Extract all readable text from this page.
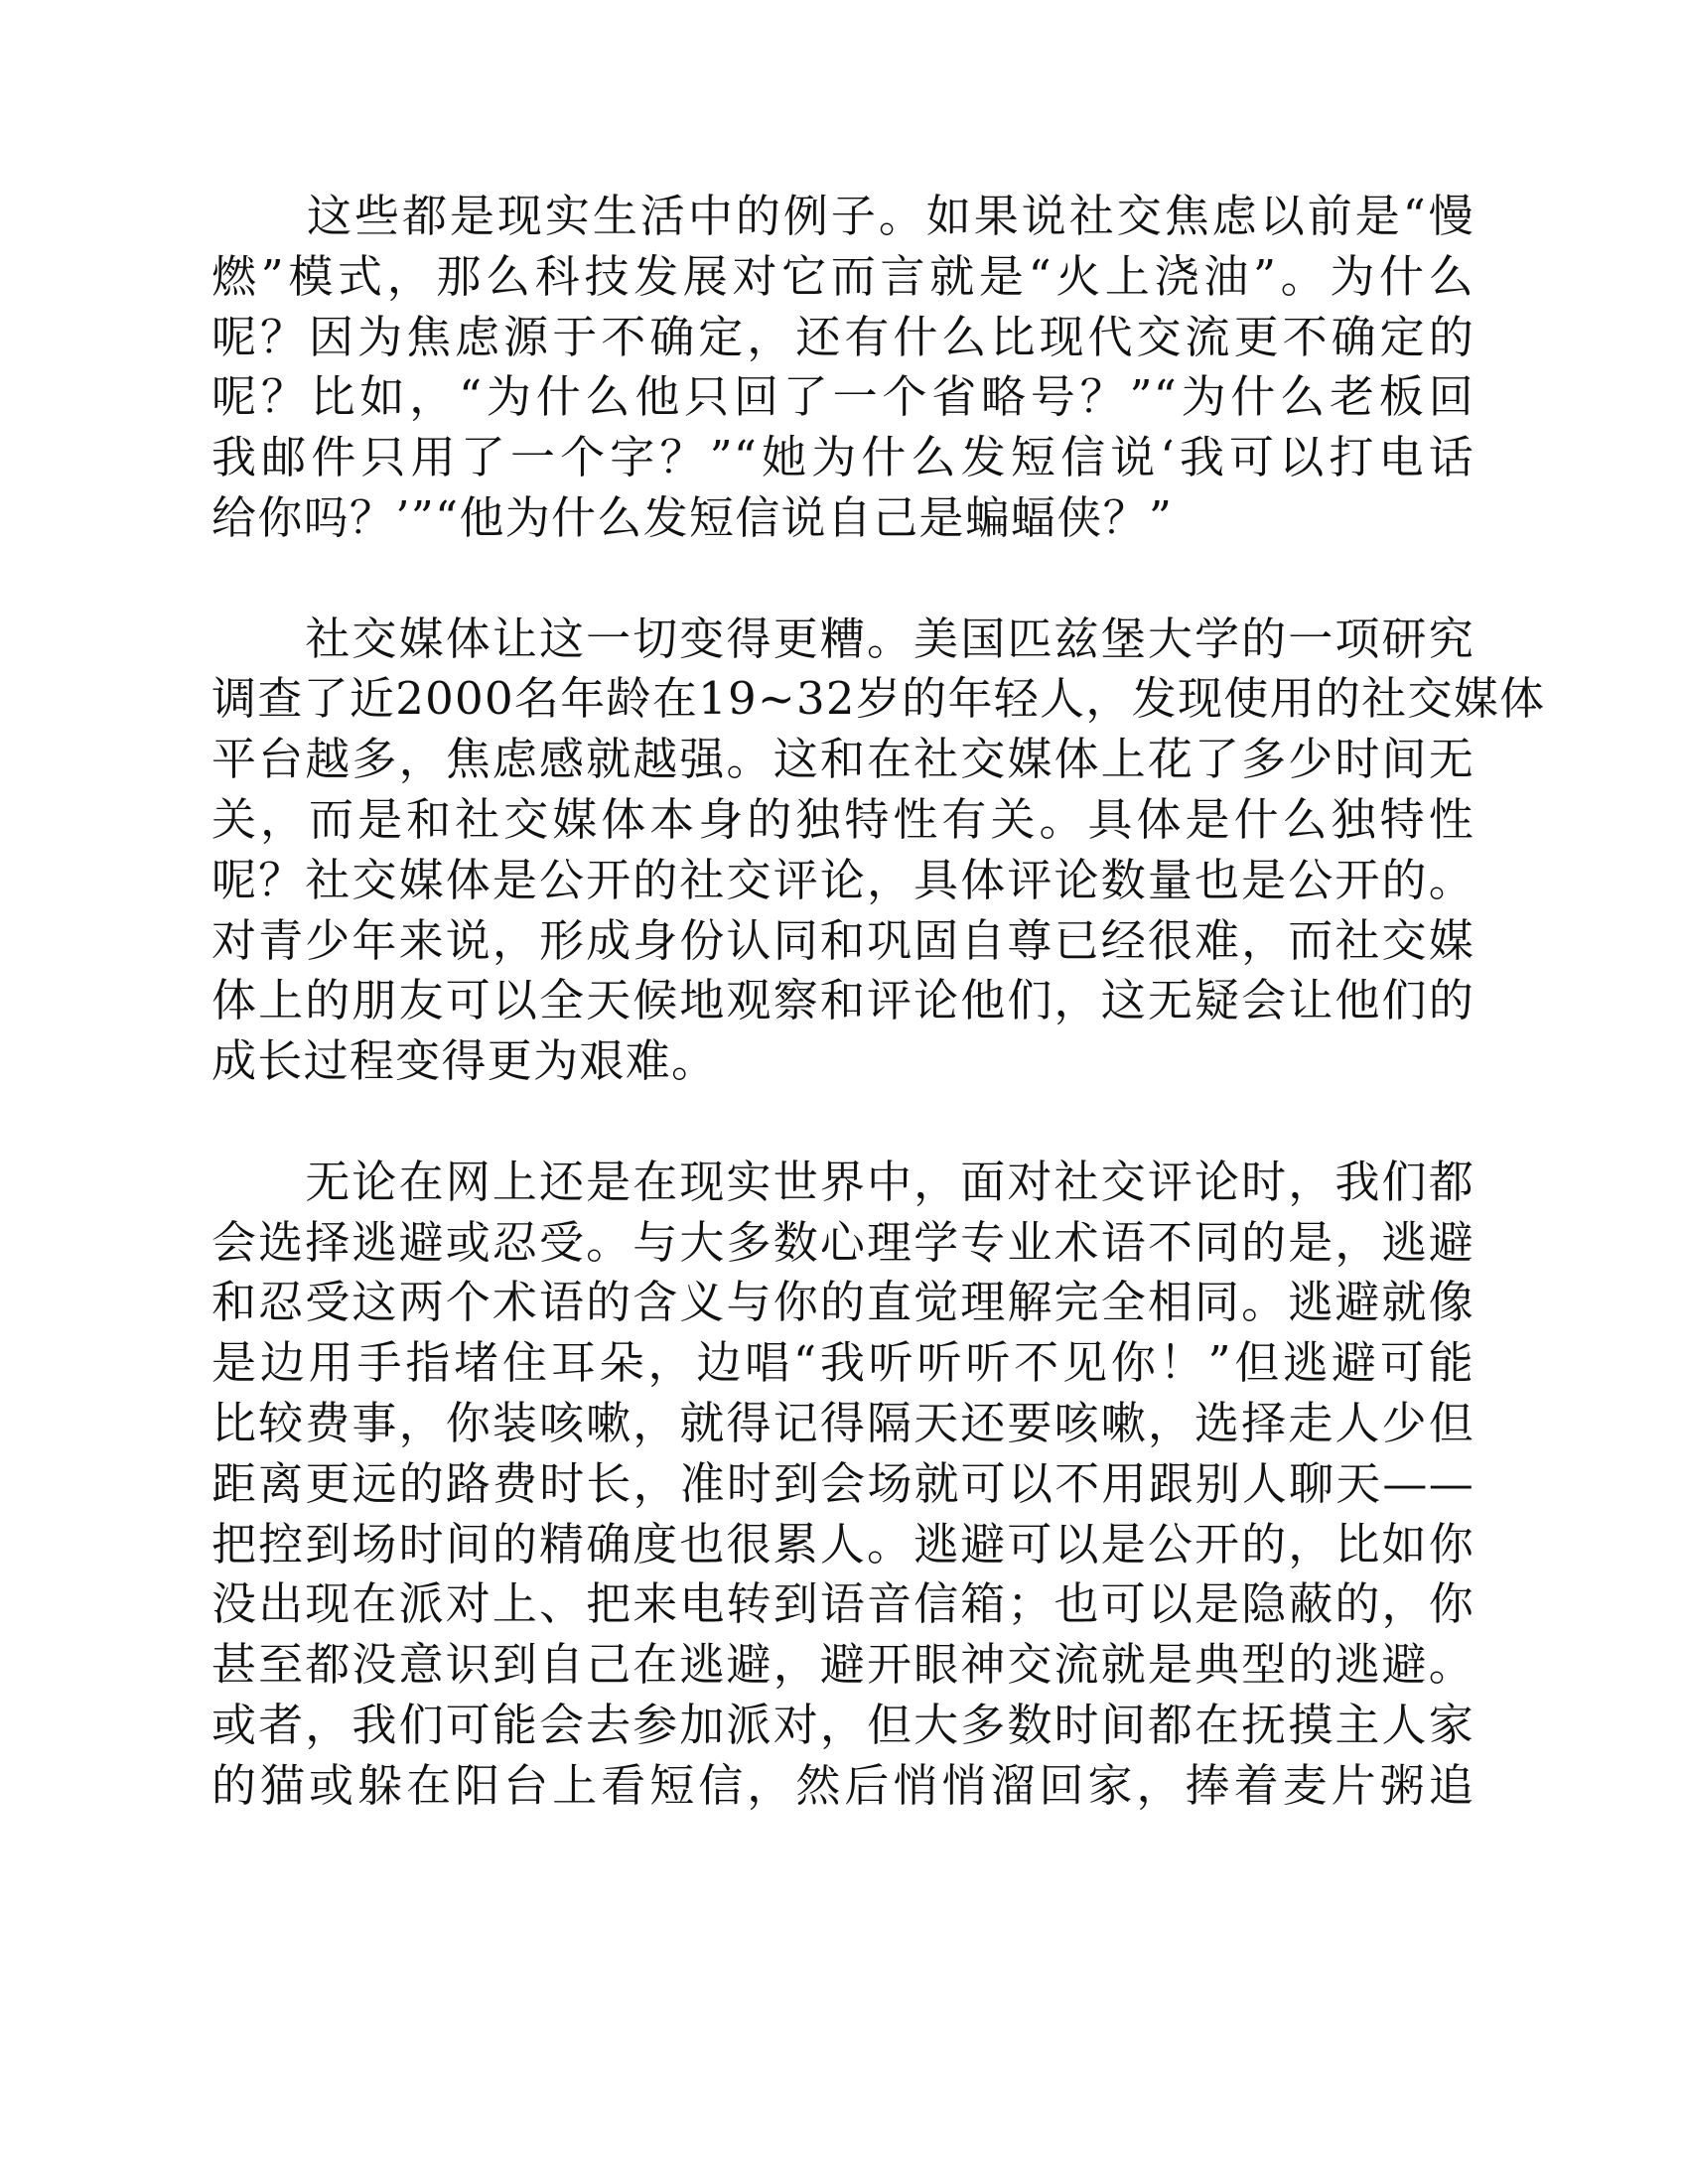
　　这些都是现实生活中的例子。如果说社交焦虑以前是“慢
燃”模式，那么科技发展对它而言就是“火上浇油”。为什么
呢？因为焦虑源于不确定，还有什么比现代交流更不确定的
呢？比如，“为什么他只回了一个省略号？”“为什么老板回
我邮件只用了一个字？”“她为什么发短信说‘我可以打电话
给你吗？’”“他为什么发短信说自己是蝙蝠侠？”
　　社交媒体让这一切变得更糟。美国匹兹堡大学的一项研究
调查了近2000名年龄在19~32岁的年轻人，发现使用的社交媒体
平台越多，焦虑感就越强。这和在社交媒体上花了多少时间无
关，而是和社交媒体本身的独特性有关。具体是什么独特性
呢？社交媒体是公开的社交评论，具体评论数量也是公开的。
对青少年来说，形成身份认同和巩固自尊已经很难，而社交媒
体上的朋友可以全天候地观察和评论他们，这无疑会让他们的
成长过程变得更为艰难。
　　无论在网上还是在现实世界中，面对社交评论时，我们都
会选择逃避或忍受。与大多数心理学专业术语不同的是，逃避
和忍受这两个术语的含义与你的直觉理解完全相同。逃避就像
是边用手指堵住耳朵，边唱“我听听听不见你！”但逃避可能
比较费事，你装咳嗽，就得记得隔天还要咳嗽，选择走人少但
距离更远的路费时长，准时到会场就可以不用跟别人聊天——
把控到场时间的精确度也很累人。逃避可以是公开的，比如你
没出现在派对上、把来电转到语音信箱；也可以是隐蔽的，你
甚至都没意识到自己在逃避，避开眼神交流就是典型的逃避。
或者，我们可能会去参加派对，但大多数时间都在抚摸主人家
的猫或躲在阳台上看短信，然后悄悄溜回家，捧着麦片粥追
